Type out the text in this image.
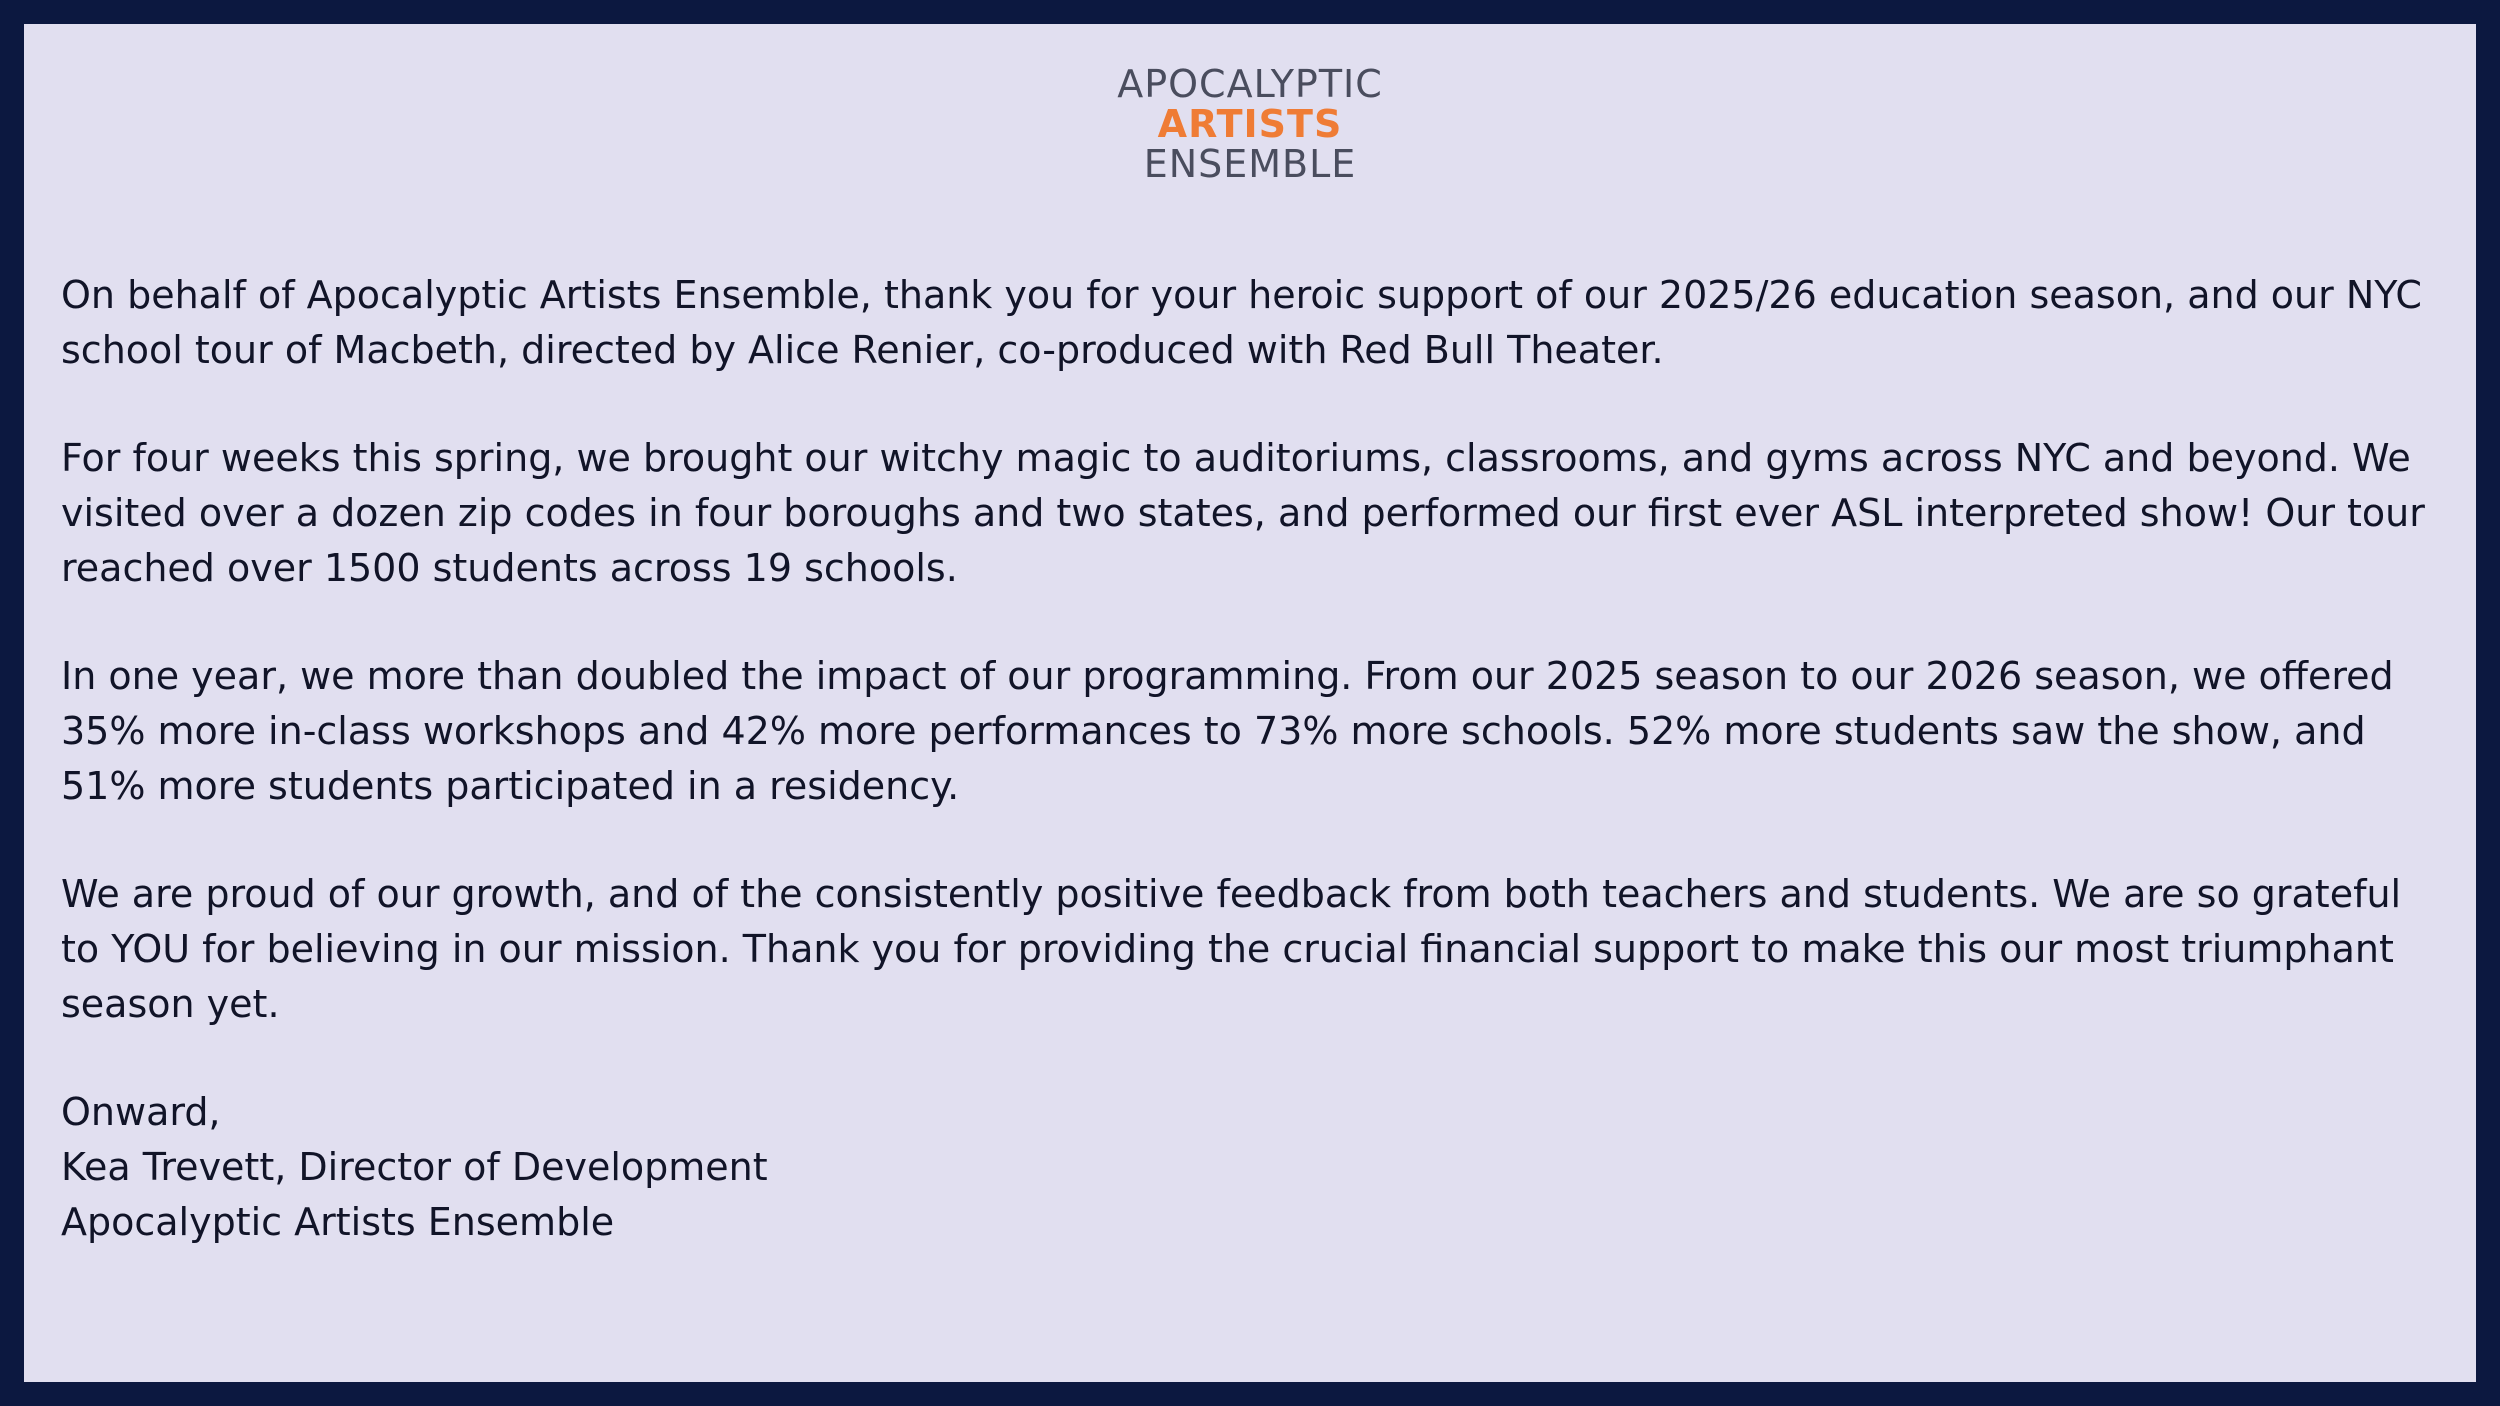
APOCALYPTIC
ARTISTS
ENSEMBLE

On behalf of Apocalyptic Artists Ensemble, thank you for your heroic support of our 2025/26 education season, and our NYC school tour of Macbeth, directed by Alice Renier, co-produced with Red Bull Theater.

For four weeks this spring, we brought our witchy magic to auditoriums, classrooms, and gyms across NYC and beyond. We visited over a dozen zip codes in four boroughs and two states, and performed our first ever ASL interpreted show! Our tour reached over 1500 students across 19 schools.

In one year, we more than doubled the impact of our programming. From our 2025 season to our 2026 season, we offered 35% more in-class workshops and 42% more performances to 73% more schools. 52% more students saw the show, and 51% more students participated in a residency.

We are proud of our growth, and of the consistently positive feedback from both teachers and students. We are so grateful to YOU for believing in our mission. Thank you for providing the crucial financial support to make this our most triumphant season yet.

Onward,
Kea Trevett, Director of Development
Apocalyptic Artists Ensemble
